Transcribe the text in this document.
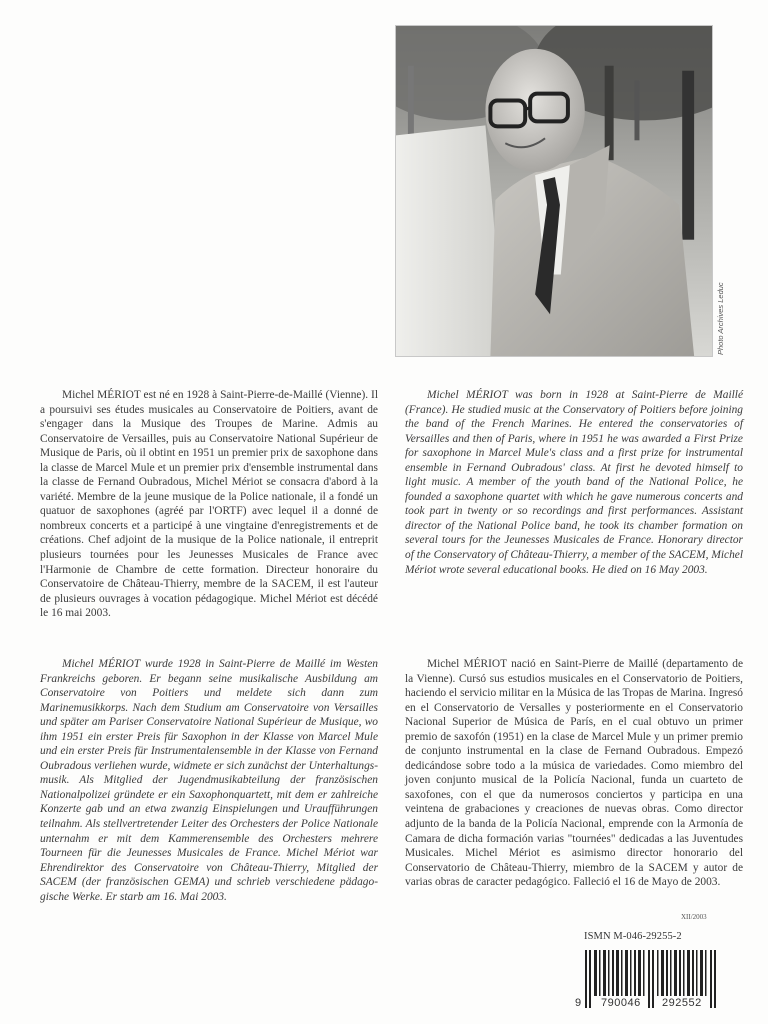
Photo Archives Leduc

Michel MÉRIOT est né en 1928 à Saint-Pierre-de-Maillé (Vienne). Il a poursuivi ses études musicales au Conservatoire de Poitiers, avant de s'engager dans la Musique des Troupes de Marine. Admis au Conservatoire de Versailles, puis au Conservatoire National Supérieur de Musique de Paris, où il obtint en 1951 un premier prix de saxophone dans la classe de Marcel Mule et un premier prix d'ensemble instrumental dans la classe de Fernand Oubradous, Michel Mériot se consacra d'abord à la variété. Membre de la jeune musique de la Police nationale, il a fondé un quatuor de saxophones (agréé par l'ORTF) avec lequel il a donné de nombreux concerts et a participé à une vingtaine d'enregistrements et de créations. Chef adjoint de la musique de la Police nationale, il entreprit plusieurs tournées pour les Jeunesses Musicales de France avec l'Harmonie de Chambre de cette formation. Directeur honoraire du Conservatoire de Château-Thierry, membre de la SACEM, il est l'auteur de plusieurs ouvrages à vocation pédagogique. Michel Mériot est décédé le 16 mai 2003.

Michel MÉRIOT was born in 1928 at Saint-Pierre de Maillé (France). He studied music at the Conservatory of Poitiers before joining the band of the French Marines. He entered the conservatories of Versailles and then of Paris, where in 1951 he was awarded a First Prize for saxophone in Marcel Mule's class and a first prize for instrumental ensemble in Fernand Oubradous' class. At first he devoted himself to light music. A member of the youth band of the National Police, he founded a saxophone quartet with which he gave numerous concerts and took part in twenty or so recordings and first performances. Assistant director of the National Police band, he took its chamber formation on several tours for the Jeunesses Musicales de France. Honorary director of the Conservatory of Château-Thierry, a member of the SACEM, Michel Mériot wrote several educational books. He died on 16 May 2003.

Michel MÉRIOT wurde 1928 in Saint-Pierre de Maillé im Westen Frankreichs geboren. Er begann seine musikalische Ausbildung am Conservatoire von Poitiers und meldete sich dann zum Marinemusikkorps. Nach dem Studium am Conservatoire von Versailles und später am Pariser Conservatoire National Supérieur de Musique, wo ihm 1951 ein erster Preis für Saxophon in der Klasse von Marcel Mule und ein erster Preis für Instrumentalensemble in der Klasse von Fernand Oubradous verliehen wurde, widmete er sich zunächst der Unterhaltungsmusik. Als Mitglied der Jugendmusikabteilung der französischen Nationalpolizei gründete er ein Saxophonquartett, mit dem er zahlreiche Konzerte gab und an etwa zwanzig Einspielungen und Uraufführungen teilnahm. Als stellvertretender Leiter des Orchesters der Police Nationale unternahm er mit dem Kammerensemble des Orchesters mehrere Tourneen für die Jeunesses Musicales de France. Michel Mériot war Ehrendirektor des Conservatoire von Château-Thierry, Mitglied der SACEM (der französischen GEMA) und schrieb verschiedene pädagogische Werke. Er starb am 16. Mai 2003.

Michel MÉRIOT nació en Saint-Pierre de Maillé (departamento de la Vienne). Cursó sus estudios musicales en el Conservatorio de Poitiers, haciendo el servicio militar en la Música de las Tropas de Marina. Ingresó en el Conservatorio de Versalles y posteriormente en el Conservatorio Nacional Superior de Música de París, en el cual obtuvo un primer premio de saxofón (1951) en la clase de Marcel Mule y un primer premio de conjunto instrumental en la clase de Fernand Oubradous. Empezó dedicándose sobre todo a la música de variedades. Como miembro del joven conjunto musical de la Policía Nacional, funda un cuarteto de saxofones, con el que da numerosos conciertos y participa en una veintena de grabaciones y creaciones de nuevas obras. Como director adjunto de la banda de la Policía Nacional, emprende con la Armonía de Camara de dicha formación varias "tournées" dedicadas a las Juventudes Musicales. Michel Mériot es asimismo director honorario del Conservatorio de Château-Thierry, miembro de la SACEM y autor de varias obras de caracter pedagógico. Falleció el 16 de Mayo de 2003.

XII/2003
ISMN M-046-29255-2
9 790046 292552
